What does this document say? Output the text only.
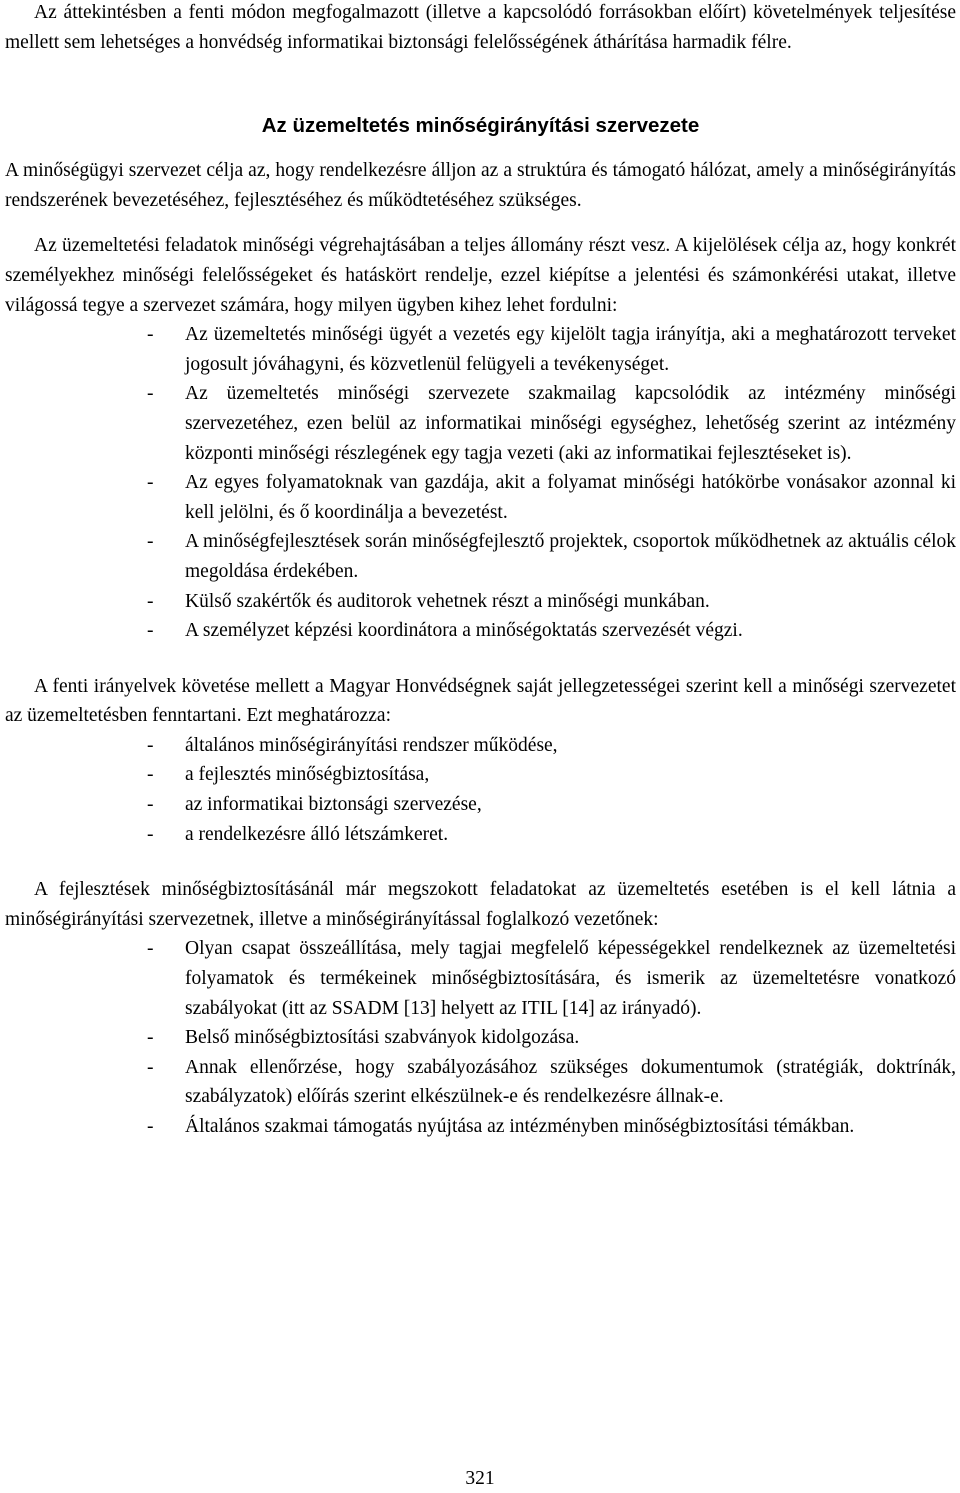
Az áttekintésben a fenti módon megfogalmazott (illetve a kapcsolódó forrásokban előírt) követelmények teljesítése mellett sem lehetséges a honvédség informatikai biztonsági felelősségének áthárítása harmadik félre.

Az üzemeltetés minőségirányítási szervezete

A minőségügyi szervezet célja az, hogy rendelkezésre álljon az a struktúra és támogató hálózat, amely a minőségirányítás rendszerének bevezetéséhez, fejlesztéséhez és működtetéséhez szükséges.

Az üzemeltetési feladatok minőségi végrehajtásában a teljes állomány részt vesz. A kijelölések célja az, hogy konkrét személyekhez minőségi felelősségeket és hatáskört rendelje, ezzel kiépítse a jelentési és számonkérési utakat, illetve világossá tegye a szervezet számára, hogy milyen ügyben kihez lehet fordulni:

- Az üzemeltetés minőségi ügyét a vezetés egy kijelölt tagja irányítja, aki a meghatározott terveket jogosult jóváhagyni, és közvetlenül felügyeli a tevékenységet.
- Az üzemeltetés minőségi szervezete szakmailag kapcsolódik az intézmény minőségi szervezetéhez, ezen belül az informatikai minőségi egységhez, lehetőség szerint az intézmény központi minőségi részlegének egy tagja vezeti (aki az informatikai fejlesztéseket is).
- Az egyes folyamatoknak van gazdája, akit a folyamat minőségi hatókörbe vonásakor azonnal ki kell jelölni, és ő koordinálja a bevezetést.
- A minőségfejlesztések során minőségfejlesztő projektek, csoportok működhetnek az aktuális célok megoldása érdekében.
- Külső szakértők és auditorok vehetnek részt a minőségi munkában.
- A személyzet képzési koordinátora a minőségoktatás szervezését végzi.

A fenti irányelvek követése mellett a Magyar Honvédségnek saját jellegzetességei szerint kell a minőségi szervezetet az üzemeltetésben fenntartani. Ezt meghatározza:

- általános minőségirányítási rendszer működése,
- a fejlesztés minőségbiztosítása,
- az informatikai biztonsági szervezése,
- a rendelkezésre álló létszámkeret.

A fejlesztések minőségbiztosításánál már megszokott feladatokat az üzemeltetés esetében is el kell látnia a minőségirányítási szervezetnek, illetve a minőségirányítással foglalkozó vezetőnek:

- Olyan csapat összeállítása, mely tagjai megfelelő képességekkel rendelkeznek az üzemeltetési folyamatok és termékeinek minőségbiztosítására, és ismerik az üzemeltetésre vonatkozó szabályokat (itt az SSADM [13] helyett az ITIL [14] az irányadó).
- Belső minőségbiztosítási szabványok kidolgozása.
- Annak ellenőrzése, hogy szabályozásához szükséges dokumentumok (stratégiák, doktrínák, szabályzatok) előírás szerint elkészülnek-e és rendelkezésre állnak-e.
- Általános szakmai támogatás nyújtása az intézményben minőségbiztosítási témákban.
321
